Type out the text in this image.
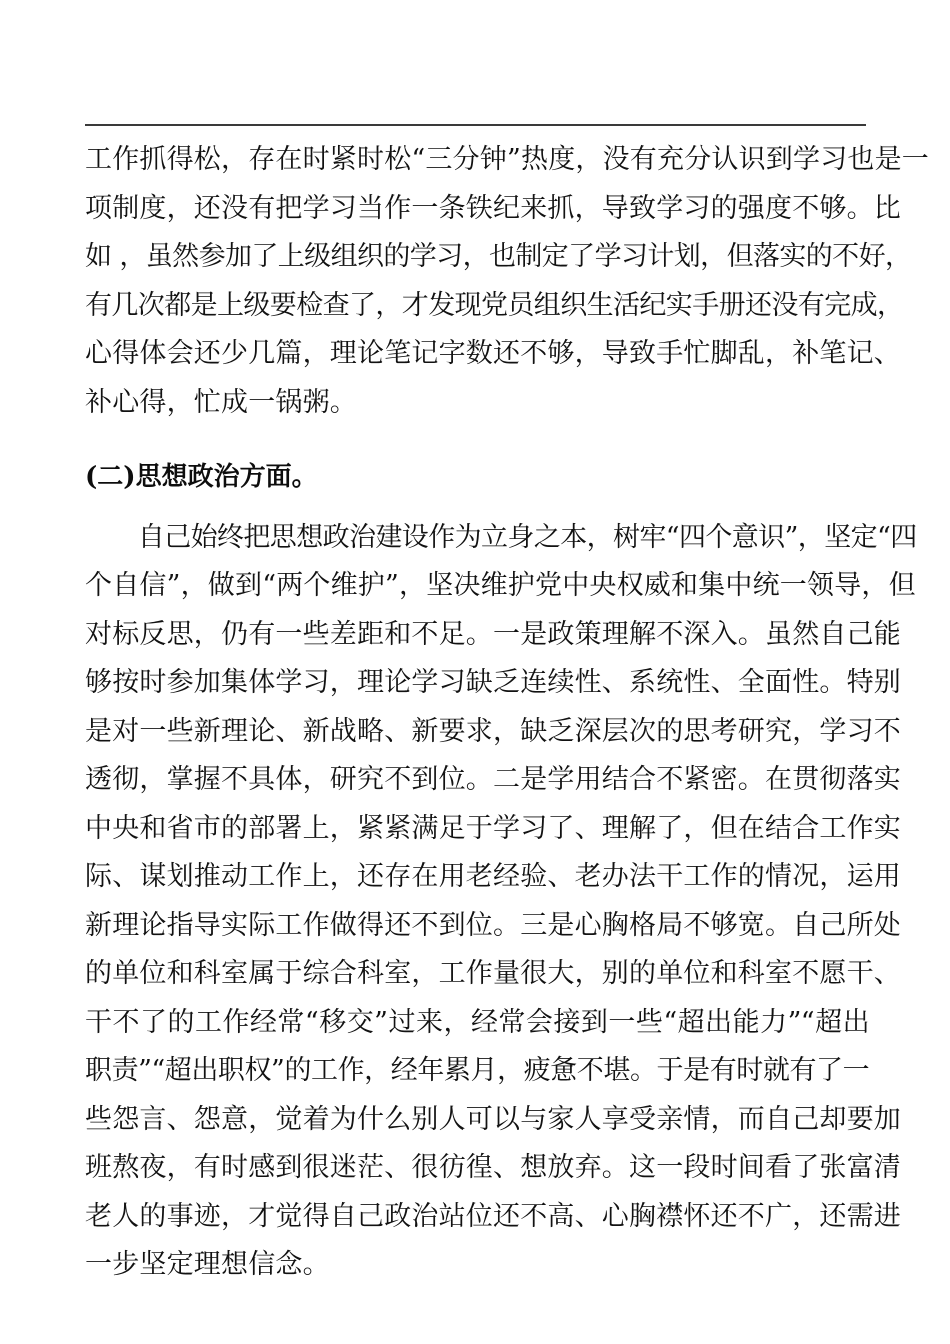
工作抓得松，存在时紧时松“三分钟”热度，没有充分认识到学习也是一
项制度，还没有把学习当作一条铁纪来抓，导致学习的强度不够。比
如 ，虽然参加了上级组织的学习，也制定了学习计划，但落实的不好，
有几次都是上级要检查了，才发现党员组织生活纪实手册还没有完成，
心得体会还少几篇，理论笔记字数还不够，导致手忙脚乱，补笔记、
补心得，忙成一锅粥。
(二)思想政治方面。
　　自己始终把思想政治建设作为立身之本，树牢“四个意识”，坚定“四
个自信”，做到“两个维护”，坚决维护党中央权威和集中统一领导，但
对标反思，仍有一些差距和不足。一是政策理解不深入。虽然自己能
够按时参加集体学习，理论学习缺乏连续性、系统性、全面性。特别
是对一些新理论、新战略、新要求，缺乏深层次的思考研究，学习不
透彻，掌握不具体，研究不到位。二是学用结合不紧密。在贯彻落实
中央和省市的部署上，紧紧满足于学习了、理解了，但在结合工作实
际、谋划推动工作上，还存在用老经验、老办法干工作的情况，运用
新理论指导实际工作做得还不到位。三是心胸格局不够宽。自己所处
的单位和科室属于综合科室，工作量很大，别的单位和科室不愿干、
干不了的工作经常“移交”过来，经常会接到一些“超出能力”“超出
职责”“超出职权”的工作，经年累月，疲惫不堪。于是有时就有了一
些怨言、怨意，觉着为什么别人可以与家人享受亲情，而自己却要加
班熬夜，有时感到很迷茫、很彷徨、想放弃。这一段时间看了张富清
老人的事迹，才觉得自己政治站位还不高、心胸襟怀还不广，还需进
一步坚定理想信念。
